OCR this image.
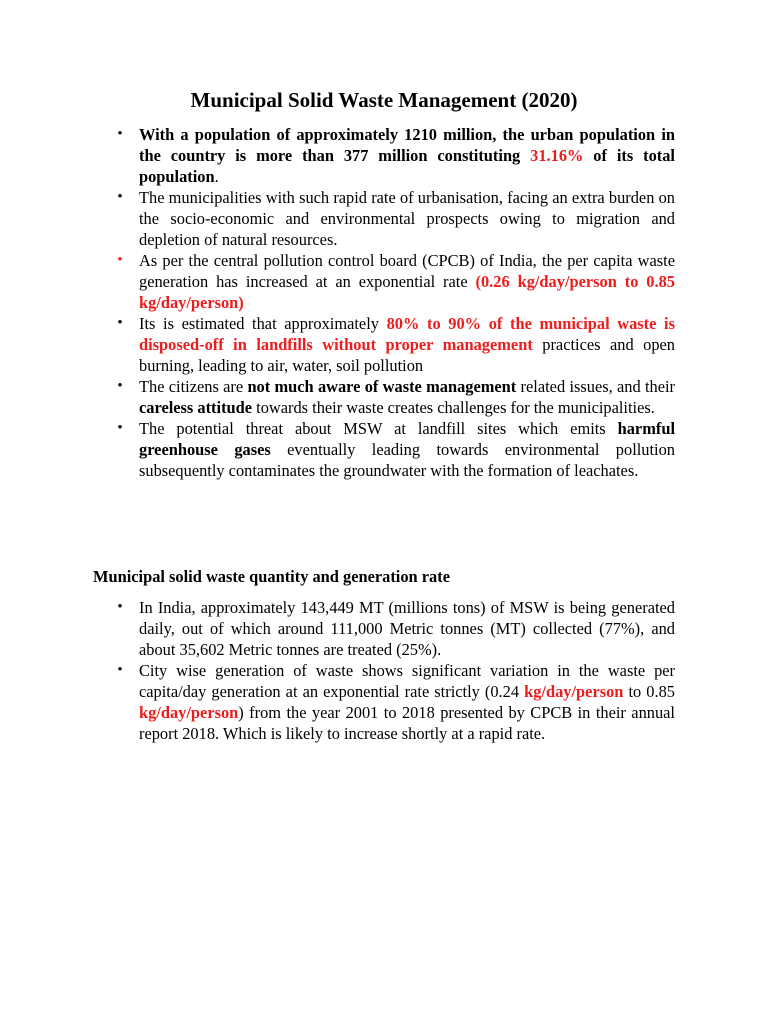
Municipal Solid Waste Management (2020)
• With a population of approximately 1210 million, the urban population in the country is more than 377 million constituting 31.16% of its total population.
• The municipalities with such rapid rate of urbanisation, facing an extra burden on the socio-economic and environmental prospects owing to migration and depletion of natural resources.
• As per the central pollution control board (CPCB) of India, the per capita waste generation has increased at an exponential rate (0.26 kg/day/person to 0.85 kg/day/person)
• Its is estimated that approximately 80% to 90% of the municipal waste is disposed-off in landfills without proper management practices and open burning, leading to air, water, soil pollution
• The citizens are not much aware of waste management related issues, and their careless attitude towards their waste creates challenges for the municipalities.
• The potential threat about MSW at landfill sites which emits harmful greenhouse gases eventually leading towards environmental pollution subsequently contaminates the groundwater with the formation of leachates.
Municipal solid waste quantity and generation rate
• In India, approximately 143,449 MT (millions tons) of MSW is being generated daily, out of which around 111,000 Metric tonnes (MT) collected (77%), and about 35,602 Metric tonnes are treated (25%).
• City wise generation of waste shows significant variation in the waste per capita/day generation at an exponential rate strictly (0.24 kg/day/person to 0.85 kg/day/person) from the year 2001 to 2018 presented by CPCB in their annual report 2018. Which is likely to increase shortly at a rapid rate.
